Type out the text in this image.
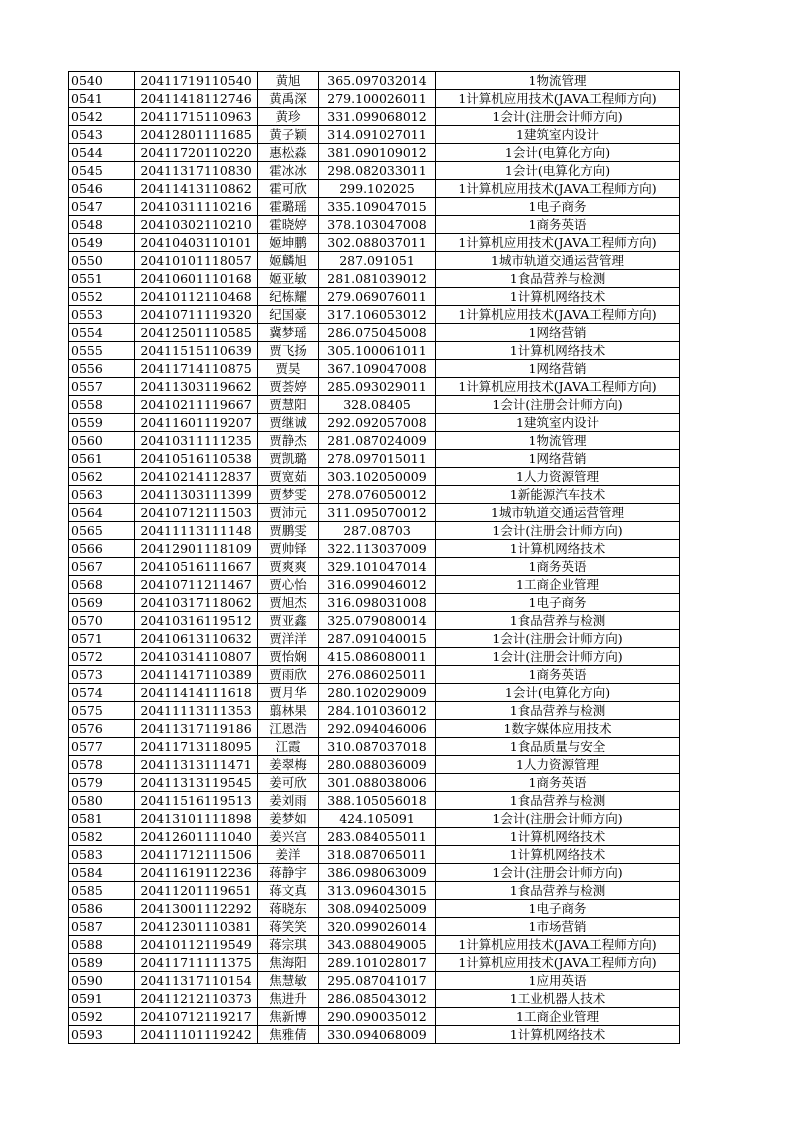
0540	20411719110540	黄旭	365.097032014	1物流管理
0541	20411418112746	黄禹深	279.100026011	1计算机应用技术(JAVA工程师方向)
0542	20411715110963	黄珍	331.099068012	1会计(注册会计师方向)
0543	20412801111685	黄子颖	314.091027011	1建筑室内设计
0544	20411720110220	惠松淼	381.090109012	1会计(电算化方向)
0545	20411317110830	霍冰冰	298.082033011	1会计(电算化方向)
0546	20411413110862	霍可欣	299.102025	1计算机应用技术(JAVA工程师方向)
0547	20410311110216	霍璐瑶	335.109047015	1电子商务
0548	20410302110210	霍晓婷	378.103047008	1商务英语
0549	20410403110101	姬坤鹏	302.088037011	1计算机应用技术(JAVA工程师方向)
0550	20410101118057	姬麟旭	287.091051	1城市轨道交通运营管理
0551	20410601110168	姬亚敏	281.081039012	1食品营养与检测
0552	20410112110468	纪栋耀	279.069076011	1计算机网络技术
0553	20410711119320	纪国豪	317.106053012	1计算机应用技术(JAVA工程师方向)
0554	20412501110585	冀梦瑶	286.075045008	1网络营销
0555	20411515110639	贾飞扬	305.100061011	1计算机网络技术
0556	20411714110875	贾昊	367.109047008	1网络营销
0557	20411303119662	贾荟婷	285.093029011	1计算机应用技术(JAVA工程师方向)
0558	20410211119667	贾慧阳	328.08405	1会计(注册会计师方向)
0559	20411601119207	贾继诚	292.092057008	1建筑室内设计
0560	20410311111235	贾静杰	281.087024009	1物流管理
0561	20410516110538	贾凯璐	278.097015011	1网络营销
0562	20410214112837	贾宽茹	303.102050009	1人力资源管理
0563	20411303111399	贾梦雯	278.076050012	1新能源汽车技术
0564	20410712111503	贾沛元	311.095070012	1城市轨道交通运营管理
0565	20411113111148	贾鹏雯	287.08703	1会计(注册会计师方向)
0566	20412901118109	贾帅铎	322.113037009	1计算机网络技术
0567	20410516111667	贾爽爽	329.101047014	1商务英语
0568	20410711211467	贾心怡	316.099046012	1工商企业管理
0569	20410317118062	贾旭杰	316.098031008	1电子商务
0570	20410316119512	贾亚鑫	325.079080014	1食品营养与检测
0571	20410613110632	贾洋洋	287.091040015	1会计(注册会计师方向)
0572	20410314110807	贾怡娴	415.086080011	1会计(注册会计师方向)
0573	20411417110389	贾雨欣	276.086025011	1商务英语
0574	20411414111618	贾月华	280.102029009	1会计(电算化方向)
0575	20411113111353	翦林果	284.101036012	1食品营养与检测
0576	20411317119186	江恩浩	292.094046006	1数字媒体应用技术
0577	20411713118095	江霞	310.087037018	1食品质量与安全
0578	20411313111471	姜翠梅	280.088036009	1人力资源管理
0579	20411313119545	姜可欣	301.088038006	1商务英语
0580	20411516119513	姜刘雨	388.105056018	1食品营养与检测
0581	20413101111898	姜梦如	424.105091	1会计(注册会计师方向)
0582	20412601111040	姜兴宫	283.084055011	1计算机网络技术
0583	20411712111506	姜洋	318.087065011	1计算机网络技术
0584	20411619112236	蒋静宇	386.098063009	1会计(注册会计师方向)
0585	20411201119651	蒋文真	313.096043015	1食品营养与检测
0586	20413001112292	蒋晓东	308.094025009	1电子商务
0587	20412301110381	蒋笑笑	320.099026014	1市场营销
0588	20410112119549	蒋宗琪	343.088049005	1计算机应用技术(JAVA工程师方向)
0589	20411711111375	焦海阳	289.101028017	1计算机应用技术(JAVA工程师方向)
0590	20411317110154	焦慧敏	295.087041017	1应用英语
0591	20411212110373	焦进升	286.085043012	1工业机器人技术
0592	20410712119217	焦新博	290.090035012	1工商企业管理
0593	20411101119242	焦雅倩	330.094068009	1计算机网络技术
